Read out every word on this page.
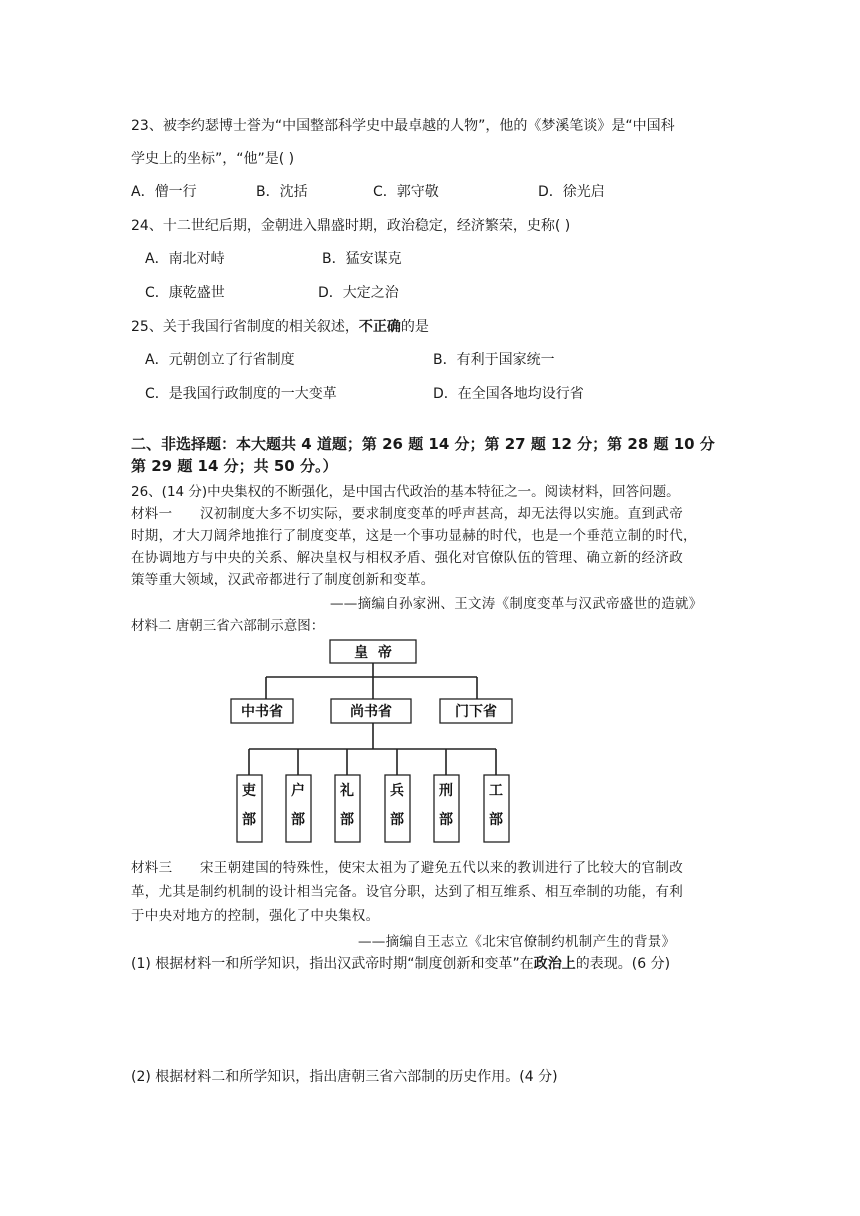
23、被李约瑟博士誉为“中国整部科学史中最卓越的人物”，他的《梦溪笔谈》是“中国科
学史上的坐标”，“他”是( )
A．僧一行	B．沈括	C．郭守敬	D．徐光启
24、十二世纪后期，金朝进入鼎盛时期，政治稳定，经济繁荣，史称( )
A．南北对峙	B．猛安谋克
C．康乾盛世	D．大定之治
25、关于我国行省制度的相关叙述，不正确的是
A．元朝创立了行省制度	B．有利于国家统一
C．是我国行政制度的一大变革	D．在全国各地均设行省
二、非选择题：本大题共 4 道题；第 26 题 14 分；第 27 题 12 分；第 28 题 10 分
第 29 题 14 分；共 50 分。）
26、(14 分)中央集权的不断强化，是中国古代政治的基本特征之一。阅读材料，回答问题。
材料一　　汉初制度大多不切实际，要求制度变革的呼声甚高，却无法得以实施。直到武帝
时期，才大刀阔斧地推行了制度变革，这是一个事功显赫的时代，也是一个垂范立制的时代，
在协调地方与中央的关系、解决皇权与相权矛盾、强化对官僚队伍的管理、确立新的经济政
策等重大领域，汉武帝都进行了制度创新和变革。
——摘编自孙家洲、王文涛《制度变革与汉武帝盛世的造就》
材料二 唐朝三省六部制示意图：
皇  帝
中书省	尚书省	门下省
吏
部
户
部
礼
部
兵
部
刑
部
工
部
材料三　　宋王朝建国的特殊性，使宋太祖为了避免五代以来的教训进行了比较大的官制改
革，尤其是制约机制的设计相当完备。设官分职，达到了相互维系、相互牵制的功能，有利
于中央对地方的控制，强化了中央集权。
——摘编自王志立《北宋官僚制约机制产生的背景》
(1) 根据材料一和所学知识，指出汉武帝时期“制度创新和变革”在政治上的表现。(6 分)
(2) 根据材料二和所学知识，指出唐朝三省六部制的历史作用。(4 分)
